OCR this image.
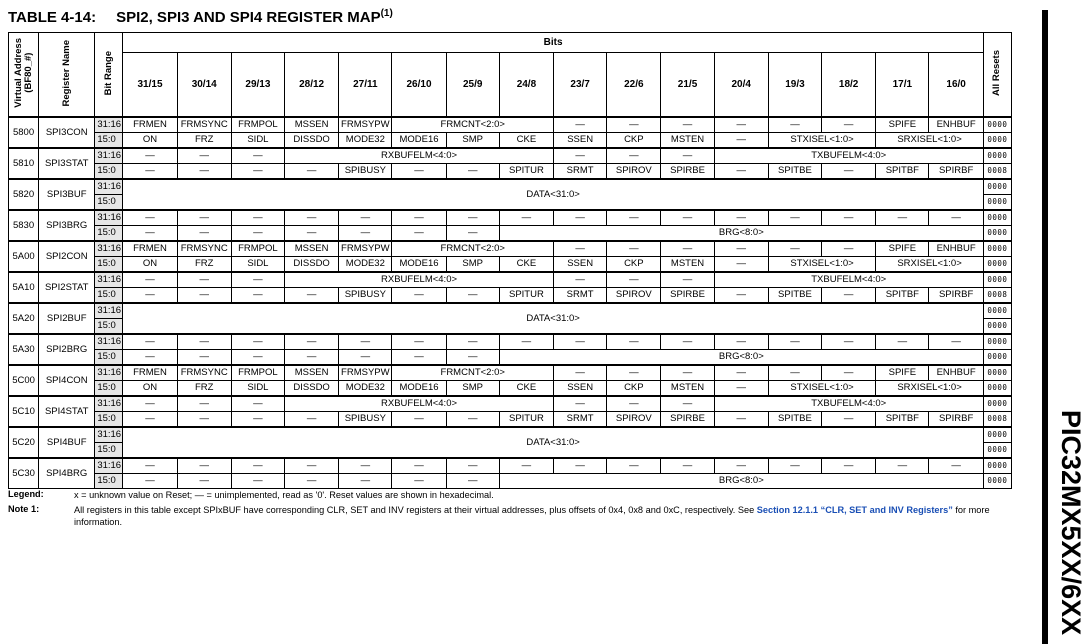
TABLE 4-14: SPI2, SPI3 AND SPI4 REGISTER MAP$^{(1)}$
Virtual Address
(BF80_#)	Register Name	Bit Range	Bits																All Resets
			31/15	30/14	29/13	28/12	27/11	26/10	25/9	24/8	23/7	22/6	21/5	20/4	19/3	18/2	17/1	16/0	
5800	SPI3CON	31:16	FRMEN	FRMSYNC	FRMPOL	MSSEN	FRMSYPW	FRMCNT<2:0>			—	—	—	—	—	—	SPIFE	ENHBUF	0000
		15:0	ON	FRZ	SIDL	DISSDO	MODE32	MODE16	SMP	CKE	SSEN	CKP	MSTEN	—	STXISEL<1:0>		SRXISEL<1:0>		0000
5810	SPI3STAT	31:16	—	—	—	RXBUFELM<4:0>					—	—	—	TXBUFELM<4:0>					0000
		15:0	—	—	—	—	SPIBUSY	—	—	SPITUR	SRMT	SPIROV	SPIRBE	—	SPITBE	—	SPITBF	SPIRBF	0008
5820	SPI3BUF	31:16	DATA<31:0>																0000
		15:0																	0000
5830	SPI3BRG	31:16	—	—	—	—	—	—	—	—	—	—	—	—	—	—	—	—	0000
		15:0	—	—	—	—	—	—	—	BRG<8:0>									0000
5A00	SPI2CON	31:16	FRMEN	FRMSYNC	FRMPOL	MSSEN	FRMSYPW	FRMCNT<2:0>			—	—	—	—	—	—	SPIFE	ENHBUF	0000
		15:0	ON	FRZ	SIDL	DISSDO	MODE32	MODE16	SMP	CKE	SSEN	CKP	MSTEN	—	STXISEL<1:0>		SRXISEL<1:0>		0000
5A10	SPI2STAT	31:16	—	—	—	RXBUFELM<4:0>					—	—	—	TXBUFELM<4:0>					0000
		15:0	—	—	—	—	SPIBUSY	—	—	SPITUR	SRMT	SPIROV	SPIRBE	—	SPITBE	—	SPITBF	SPIRBF	0008
5A20	SPI2BUF	31:16	DATA<31:0>																0000
		15:0																	0000
5A30	SPI2BRG	31:16	—	—	—	—	—	—	—	—	—	—	—	—	—	—	—	—	0000
		15:0	—	—	—	—	—	—	—	BRG<8:0>									0000
5C00	SPI4CON	31:16	FRMEN	FRMSYNC	FRMPOL	MSSEN	FRMSYPW	FRMCNT<2:0>			—	—	—	—	—	—	SPIFE	ENHBUF	0000
		15:0	ON	FRZ	SIDL	DISSDO	MODE32	MODE16	SMP	CKE	SSEN	CKP	MSTEN	—	STXISEL<1:0>		SRXISEL<1:0>		0000
5C10	SPI4STAT	31:16	—	—	—	RXBUFELM<4:0>					—	—	—	TXBUFELM<4:0>					0000
		15:0	—	—	—	—	SPIBUSY	—	—	SPITUR	SRMT	SPIROV	SPIRBE	—	SPITBE	—	SPITBF	SPIRBF	0008
5C20	SPI4BUF	31:16	DATA<31:0>																0000
		15:0																	0000
5C30	SPI4BRG	31:16	—	—	—	—	—	—	—	—	—	—	—	—	—	—	—	—	0000
		15:0	—	—	—	—	—	—	—	BRG<8:0>									0000
Legend:	x = unknown value on Reset; — = unimplemented, read as '0'. Reset values are shown in hexadecimal.
Note 1:	All registers in this table except SPIxBUF have corresponding CLR, SET and INV registers at their virtual addresses, plus offsets of 0x4, 0x8 and 0xC, respectively. See Section 12.1.1 “CLR, SET and INV Registers” for more information.	PIC32MX5XX/6XX
